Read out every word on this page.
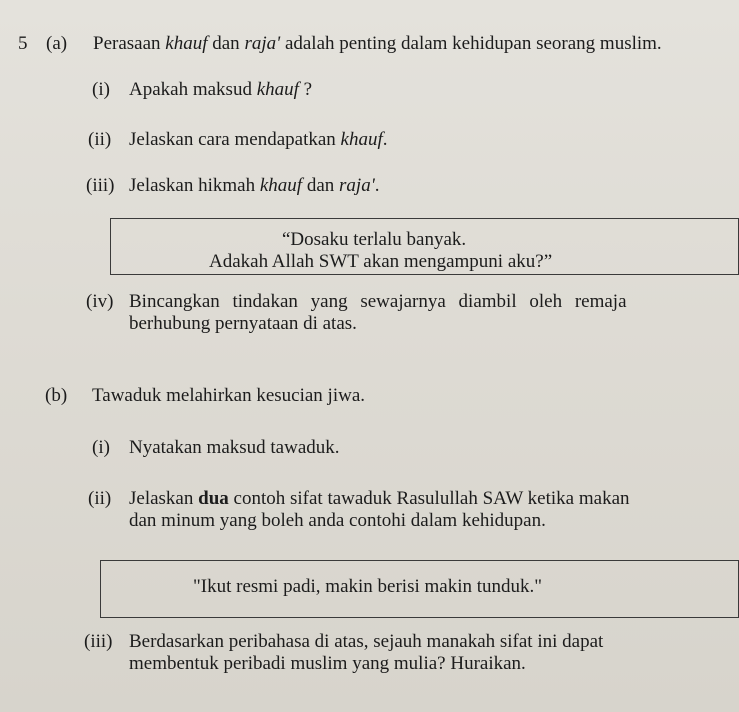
5 (a) Perasaan khauf dan raja' adalah penting dalam kehidupan seorang muslim.
(i) Apakah maksud khauf ?
(ii) Jelaskan cara mendapatkan khauf.
(iii) Jelaskan hikmah khauf dan raja'.
“Dosaku terlalu banyak.
Adakah Allah SWT akan mengampuni aku?”
(iv) Bincangkan tindakan yang sewajarnya diambil oleh remaja
berhubung pernyataan di atas.
(b) Tawaduk melahirkan kesucian jiwa.
(i) Nyatakan maksud tawaduk.
(ii) Jelaskan dua contoh sifat tawaduk Rasulullah SAW ketika makan
dan minum yang boleh anda contohi dalam kehidupan.
"Ikut resmi padi, makin berisi makin tunduk."
(iii) Berdasarkan peribahasa di atas, sejauh manakah sifat ini dapat
membentuk peribadi muslim yang mulia? Huraikan.
